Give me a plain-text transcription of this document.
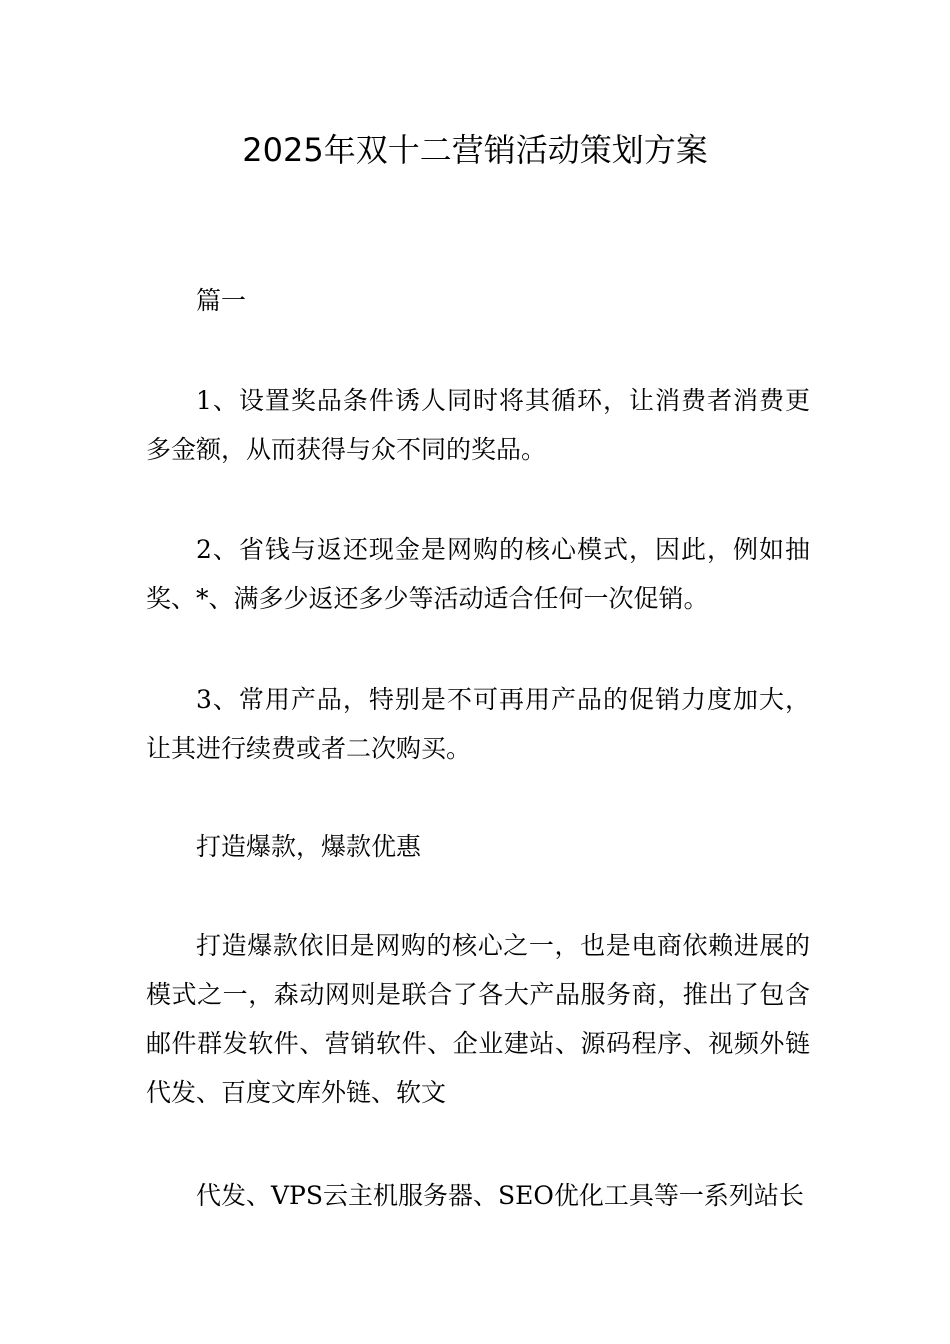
2025年双十二营销活动策划方案

篇一

1、设置奖品条件诱人同时将其循环，让消费者消费更多金额，从而获得与众不同的奖品。

2、省钱与返还现金是网购的核心模式，因此，例如抽奖、*、满多少返还多少等活动适合任何一次促销。

3、常用产品，特别是不可再用产品的促销力度加大，让其进行续费或者二次购买。

打造爆款，爆款优惠

打造爆款依旧是网购的核心之一，也是电商依赖进展的模式之一，森动网则是联合了各大产品服务商，推出了包含邮件群发软件、营销软件、企业建站、源码程序、视频外链代发、百度文库外链、软文

代发、VPS云主机服务器、SEO优化工具等一系列站长
